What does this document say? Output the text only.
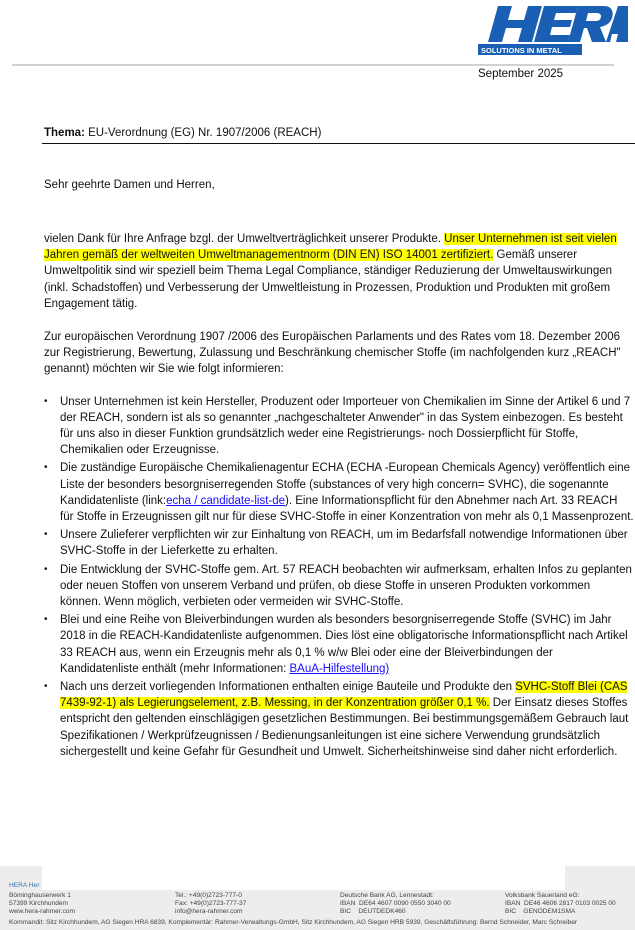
SOLUTIONS IN METAL
September 2025
Thema: EU-Verordnung (EG) Nr. 1907/2006 (REACH)
Sehr geehrte Damen und Herren,

vielen Dank für Ihre Anfrage bzgl. der Umweltverträglichkeit unserer Produkte. Unser Unternehmen ist seit vielen Jahren gemäß der weltweiten Umweltmanagementnorm (DIN EN) ISO 14001 zertifiziert. Gemäß unserer Umweltpolitik sind wir speziell beim Thema Legal Compliance, ständiger Reduzierung der Umweltauswirkungen (inkl. Schadstoffen) und Verbesserung der Umweltleistung in Prozessen, Produktion und Produkten mit großem Engagement tätig.

Zur europäischen Verordnung 1907 /2006 des Europäischen Parlaments und des Rates vom 18. Dezember 2006 zur Registrierung, Bewertung, Zulassung und Beschränkung chemischer Stoffe (im nachfolgenden kurz „REACH" genannt) möchten wir Sie wie folgt informieren:

• Unser Unternehmen ist kein Hersteller, Produzent oder Importeuer von Chemikalien im Sinne der Artikel 6 und 7 der REACH, sondern ist als so genannter „nachgeschalteter Anwender" in das System einbezogen. Es besteht für uns also in dieser Funktion grundsätzlich weder eine Registrierungs- noch Dossierpflicht für Stoffe, Chemikalien oder Erzeugnisse.
• Die zuständige Europäische Chemikalienagentur ECHA (ECHA -European Chemicals Agency) veröffentlich eine Liste der besonders besorgniserregenden Stoffe (substances of very high concern= SVHC), die sogenannte Kandidatenliste (link:echa / candidate-list-de). Eine Informationspflicht für den Abnehmer nach Art. 33 REACH für Stoffe in Erzeugnissen gilt nur für diese SVHC-Stoffe in einer Konzentration von mehr als 0,1 Massenprozent.
• Unsere Zulieferer verpflichten wir zur Einhaltung von REACH, um im Bedarfsfall notwendige Informationen über SVHC-Stoffe in der Lieferkette zu erhalten.
• Die Entwicklung der SVHC-Stoffe gem. Art. 57 REACH beobachten wir aufmerksam, erhalten Infos zu geplanten oder neuen Stoffen von unserem Verband und prüfen, ob diese Stoffe in unseren Produkten vorkommen können. Wenn möglich, verbieten oder vermeiden wir SVHC-Stoffe.
• Blei und eine Reihe von Bleiverbindungen wurden als besonders besorgniserregende Stoffe (SVHC) im Jahr 2018 in die REACH-Kandidatenliste aufgenommen. Dies löst eine obligatorische Informationspflicht nach Artikel 33 REACH aus, wenn ein Erzeugnis mehr als 0,1 % w/w Blei oder eine der Bleiverbindungen der Kandidatenliste enthält (mehr Informationen: BAuA-Hilfestellung)
• Nach uns derzeit vorliegenden Informationen enthalten einige Bauteile und Produkte den SVHC-Stoff Blei (CAS 7439-92-1) als Legierungselement, z.B. Messing, in der Konzentration größer 0,1 %. Der Einsatz dieses Stoffes entspricht den geltenden einschlägigen gesetzlichen Bestimmungen. Bei bestimmungsgemäßem Gebrauch laut Spezifikationen / Werkprüfzeugnissen / Bedienungsanleitungen ist eine sichere Verwendung grundsätzlich sichergestellt und keine Gefahr für Gesundheit und Umwelt. Sicherheitshinweise sind daher nicht erforderlich.
HERA Her
Böminghauserwerk 1
57399 Kirchhundem
www.hera-rahmer.com
Tel.: +49(0)2723-777-0
Fax: +49(0)2723-777-37
info@hera-rahmer.com
Deutsche Bank AG, Lennestadt:
IBAN  DE64 4607 0090 0550 3040 00
BIC    DEUTDEDK460
Volksbank Sauerland eG:
IBAN  DE46 4606 2817 0103 0025 00
BIC    GENODEM1SMA
Kommandit: Sitz Kirchhundem, AG Siegen HRA 6839, Komplementär: Rahmer-Verwaltungs-GmbH, Sitz Kirchhundem, AG Siegen HRB 5939, Geschäftsführung: Bernd Schneider, Marc Schreiber
